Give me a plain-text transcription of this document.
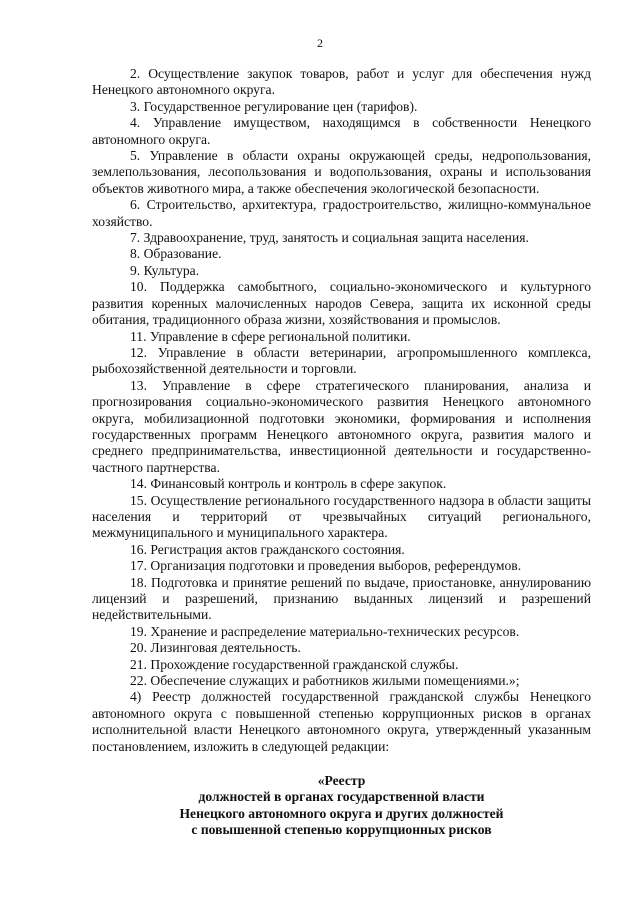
2

2. Осуществление закупок товаров, работ и услуг для обеспечения нужд Ненецкого автономного округа.

3. Государственное регулирование цен (тарифов).

4. Управление имуществом, находящимся в собственности Ненецкого автономного округа.

5. Управление в области охраны окружающей среды, недропользования, землепользования, лесопользования и водопользования, охраны и использования объектов животного мира, а также обеспечения экологической безопасности.

6. Строительство, архитектура, градостроительство, жилищно-коммунальное хозяйство.

7. Здравоохранение, труд, занятость и социальная защита населения.

8. Образование.

9. Культура.

10. Поддержка самобытного, социально-экономического и культурного развития коренных малочисленных народов Севера, защита их исконной среды обитания, традиционного образа жизни, хозяйствования и промыслов.

11. Управление в сфере региональной политики.

12. Управление в области ветеринарии, агропромышленного комплекса, рыбохозяйственной деятельности и торговли.

13. Управление в сфере стратегического планирования, анализа и прогнозирования социально-экономического развития Ненецкого автономного округа, мобилизационной подготовки экономики, формирования и исполнения государственных программ Ненецкого автономного округа, развития малого и среднего предпринимательства, инвестиционной деятельности и государственно-частного партнерства.

14. Финансовый контроль и контроль в сфере закупок.

15. Осуществление регионального государственного надзора в области защиты населения и территорий от чрезвычайных ситуаций регионального, межмуниципального и муниципального характера.

16. Регистрация актов гражданского состояния.

17. Организация подготовки и проведения выборов, референдумов.

18. Подготовка и принятие решений по выдаче, приостановке, аннулированию лицензий и разрешений, признанию выданных лицензий и разрешений недействительными.

19. Хранение и распределение материально-технических ресурсов.

20. Лизинговая деятельность.

21. Прохождение государственной гражданской службы.

22. Обеспечение служащих и работников жилыми помещениями.»;

4) Реестр должностей государственной гражданской службы Ненецкого автономного округа с повышенной степенью коррупционных рисков в органах исполнительной власти Ненецкого автономного округа, утвержденный указанным постановлением, изложить в следующей редакции:

«Реестр
должностей в органах государственной власти
Ненецкого автономного округа и других должностей
с повышенной степенью коррупционных рисков
